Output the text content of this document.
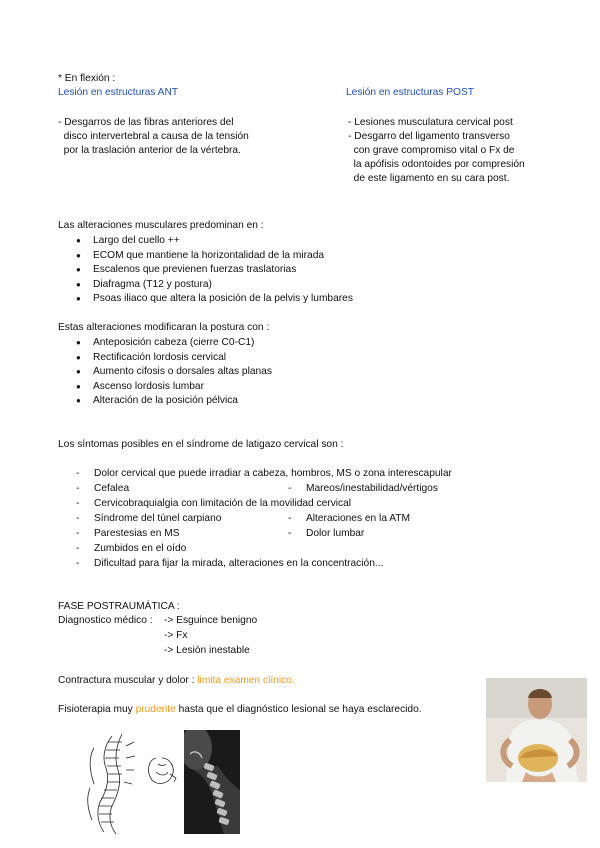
* En flexión :
Lesión en estructuras ANT	Lesión en estructuras POST
- Desgarros de las fibras anteriores del
disco intervertebral a causa de la tensión
por la traslación anterior de la vértebra.
- Lesiones musculatura cervical post
- Desgarro del ligamento transverso
con grave compromiso vital o Fx de
la apófisis odontoides por compresión
de este ligamento en su cara post.
Las alteraciones musculares predominan en :
● Largo del cuello ++
● ECOM que mantiene la horizontalidad de la mirada
● Escalenos que previenen fuerzas traslatorias
● Diafragma (T12 y postura)
● Psoas iliaco que altera la posición de la pelvis y lumbares
Estas alteraciones modificaran la postura con :
● Anteposición cabeza (cierre C0-C1)
● Rectificación lordosis cervical
● Aumento cifosis o dorsales altas planas
● Ascenso lordosis lumbar
● Alteración de la posición pélvica
Los síntomas posibles en el síndrome de latigazo cervical son :
- Dolor cervical que puede irradiar a cabeza, hombros, MS o zona interescapular
- Cefalea
- Cervicobraquialgia con limitación de la movilidad cervical
- Síndrome del túnel carpiano
- Parestesias en MS
- Zumbidos en el oído
- Dificultad para fijar la mirada, alteraciones en la concentración...
- Mareos/inestabilidad/vértigos
- Alteraciones en la ATM
- Dolor lumbar
FASE POSTRAUMÁTICA :
Diagnostico médico : -> Esguince benigno
-> Fx
-> Lesión inestable
Contractura muscular y dolor : limita examen clínico.
Fisioterapia muy prudente hasta que el diagnóstico lesional se haya esclarecido.
